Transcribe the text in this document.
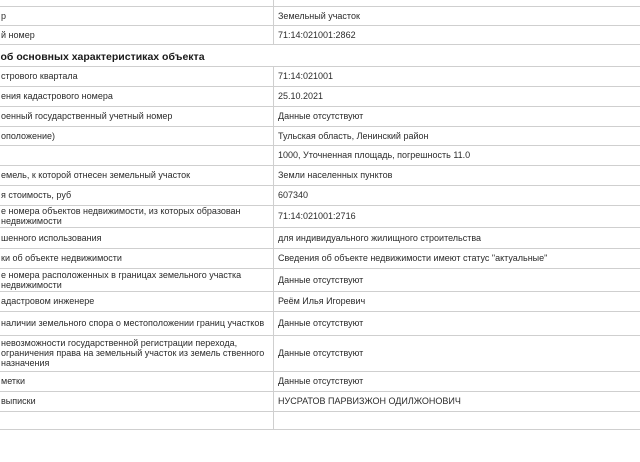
р	Земельный участок
й номер	71:14:021001:2862
об основных характеристиках объекта	
стрового квартала	71:14:021001
ения кадастрового номера	25.10.2021
оенный государственный учетный номер	Данные отсутствуют
оположение)	Тульская область, Ленинский район
	1000, Уточненная площадь, погрешность 11.0
емель, к которой отнесен земельный участок	Земли населенных пунктов
я стоимость, руб	607340
е номера объектов недвижимости, из которых образован недвижимости	71:14:021001:2716
шенного использования	для индивидуального жилищного строительства
ки об объекте недвижимости	Сведения об объекте недвижимости имеют статус "актуальные"
е номера расположенных в границах земельного участка недвижимости	Данные отсутствуют
адастровом инженере	Реём Илья Игоревич
наличии земельного спора о местоположении границ участков	Данные отсутствуют
невозможности государственной регистрации перехода, ограничения права на земельный участок из земель ственного назначения	Данные отсутствуют
метки	Данные отсутствуют
выписки	НУСРАТОВ ПАРВИЗЖОН ОДИЛЖОНОВИЧ
